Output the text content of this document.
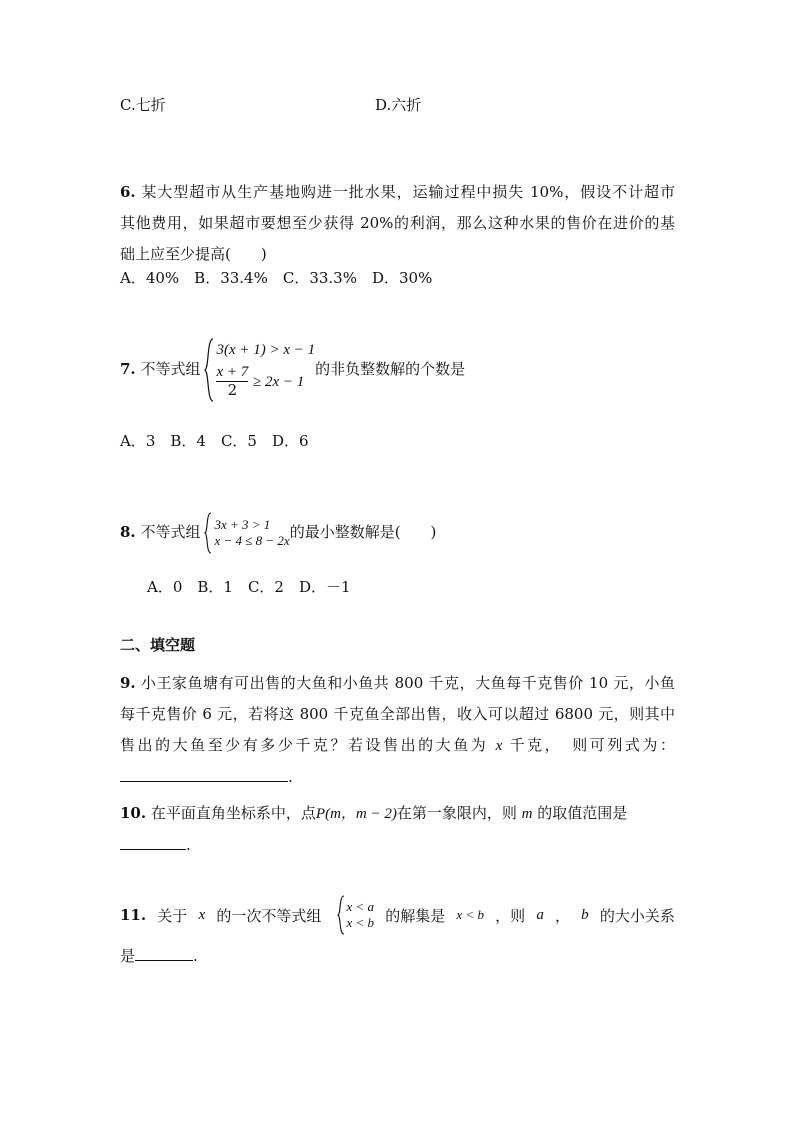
C.七折	D.六折
6. 某大型超市从生产基地购进一批水果，运输过程中损失 10%，假设不计超市
其他费用，如果超市要想至少获得 20%的利润，那么这种水果的售价在进价的基
础上应至少提高(　　)
A．40%　B．33.4%　C．33.3%　D．30%
7. 不等式组
3(x + 1) > x − 1
$\frac{x + 7}{2} \ge 2x - 1$
的非负整数解的个数是
A．3　B．4　C．5　D．6
8. 不等式组 3x + 3 > 1
x − 4 ≤ 8 − 2x 的最小整数解是(　　)
A．0　B．1　C．2　D．－1
二、填空题
9. 小王家鱼塘有可出售的大鱼和小鱼共 800 千克，大鱼每千克售价 10 元，小鱼
每千克售价 6 元，若将这 800 千克鱼全部出售，收入可以超过 6800 元，则其中
售出的大鱼至少有多少千克？若设售出的大鱼为 x 千克，　则可列式为：
.
10. 在平面直角坐标系中，点P(m，m − 2)在第一象限内，则 m 的取值范围是
.
11. 关于 x 的一次不等式组
x < a
x < b 的解集是 x < b ，则 a ， b 的大小关系
是	.
